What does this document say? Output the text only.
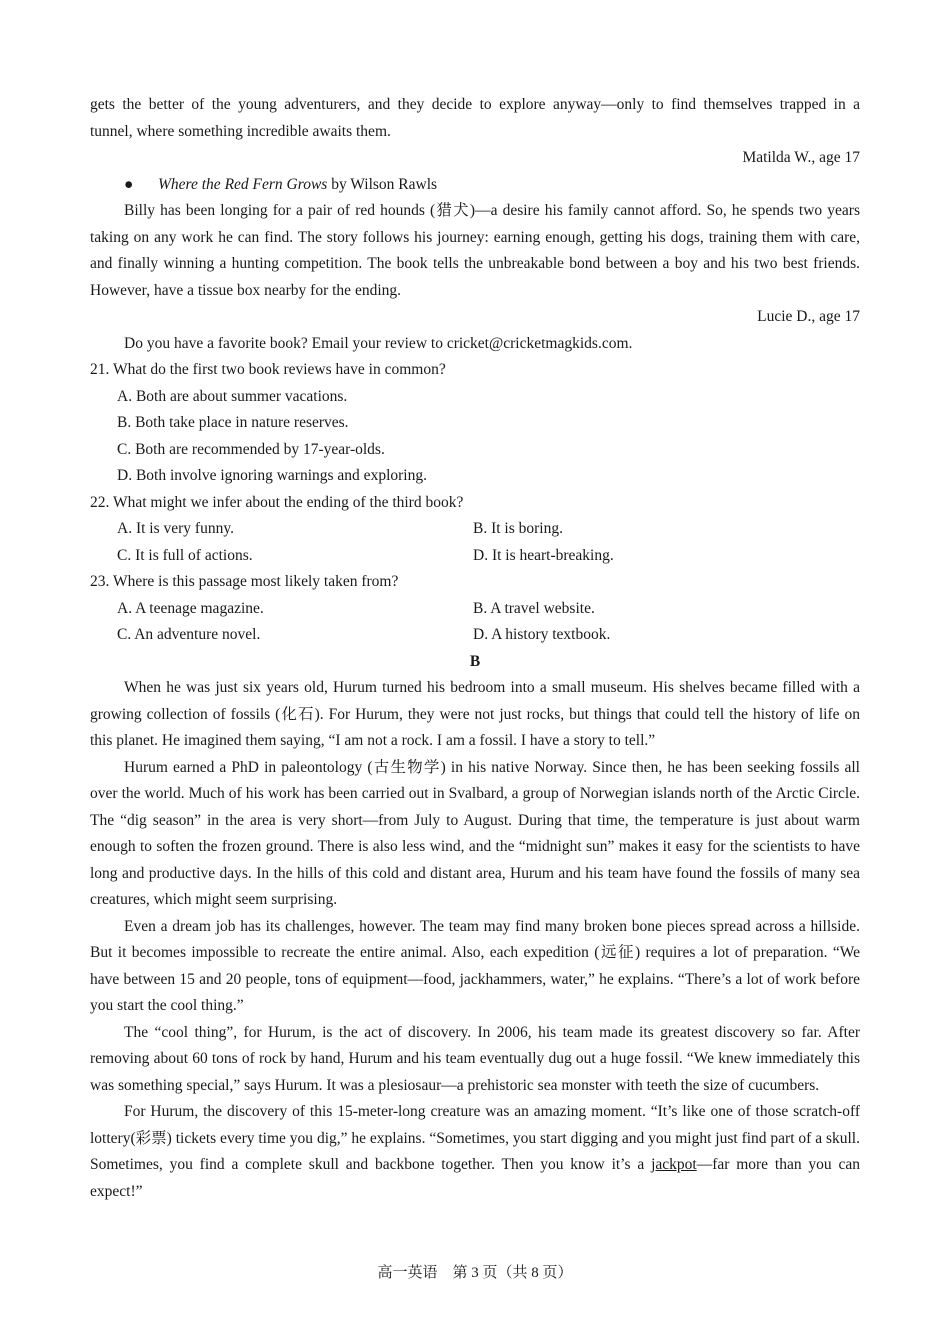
gets the better of the young adventurers, and they decide to explore anyway—only to find themselves trapped in a

tunnel, where something incredible awaits them.

Matilda W., age 17

● Where the Red Fern Grows by Wilson Rawls

Billy has been longing for a pair of red hounds (猎犬)—a desire his family cannot afford. So, he spends two years taking on any work he can find. The story follows his journey: earning enough, getting his dogs, training them with care, and finally winning a hunting competition. The book tells the unbreakable bond between a boy and his two best friends. However, have a tissue box nearby for the ending.

Lucie D., age 17

Do you have a favorite book? Email your review to cricket@cricketmagkids.com.

21. What do the first two book reviews have in common?

A. Both are about summer vacations.

B. Both take place in nature reserves.

C. Both are recommended by 17-year-olds.

D. Both involve ignoring warnings and exploring.

22. What might we infer about the ending of the third book?

A. It is very funny.	B. It is boring.
C. It is full of actions.	D. It is heart-breaking.

23. Where is this passage most likely taken from?

A. A teenage magazine.	B. A travel website.
C. An adventure novel.	D. A history textbook.

B

When he was just six years old, Hurum turned his bedroom into a small museum. His shelves became filled with a growing collection of fossils (化石). For Hurum, they were not just rocks, but things that could tell the history of life on this planet. He imagined them saying, “I am not a rock. I am a fossil. I have a story to tell.”

Hurum earned a PhD in paleontology (古生物学) in his native Norway. Since then, he has been seeking fossils all over the world. Much of his work has been carried out in Svalbard, a group of Norwegian islands north of the Arctic Circle. The “dig season” in the area is very short—from July to August. During that time, the temperature is just about warm enough to soften the frozen ground. There is also less wind, and the “midnight sun” makes it easy for the scientists to have long and productive days. In the hills of this cold and distant area, Hurum and his team have found the fossils of many sea creatures, which might seem surprising.

Even a dream job has its challenges, however. The team may find many broken bone pieces spread across a hillside. But it becomes impossible to recreate the entire animal. Also, each expedition (远征) requires a lot of preparation. “We have between 15 and 20 people, tons of equipment—food, jackhammers, water,” he explains. “There’s a lot of work before you start the cool thing.”

The “cool thing”, for Hurum, is the act of discovery. In 2006, his team made its greatest discovery so far. After removing about 60 tons of rock by hand, Hurum and his team eventually dug out a huge fossil. “We knew immediately this was something special,” says Hurum. It was a plesiosaur—a prehistoric sea monster with teeth the size of cucumbers.

For Hurum, the discovery of this 15-meter-long creature was an amazing moment. “It’s like one of those scratch-off lottery(彩票) tickets every time you dig,” he explains. “Sometimes, you start digging and you might just find part of a skull. Sometimes, you find a complete skull and backbone together. Then you know it’s a jackpot—far more than you can expect!”

高一英语　第 3 页（共 8 页）
